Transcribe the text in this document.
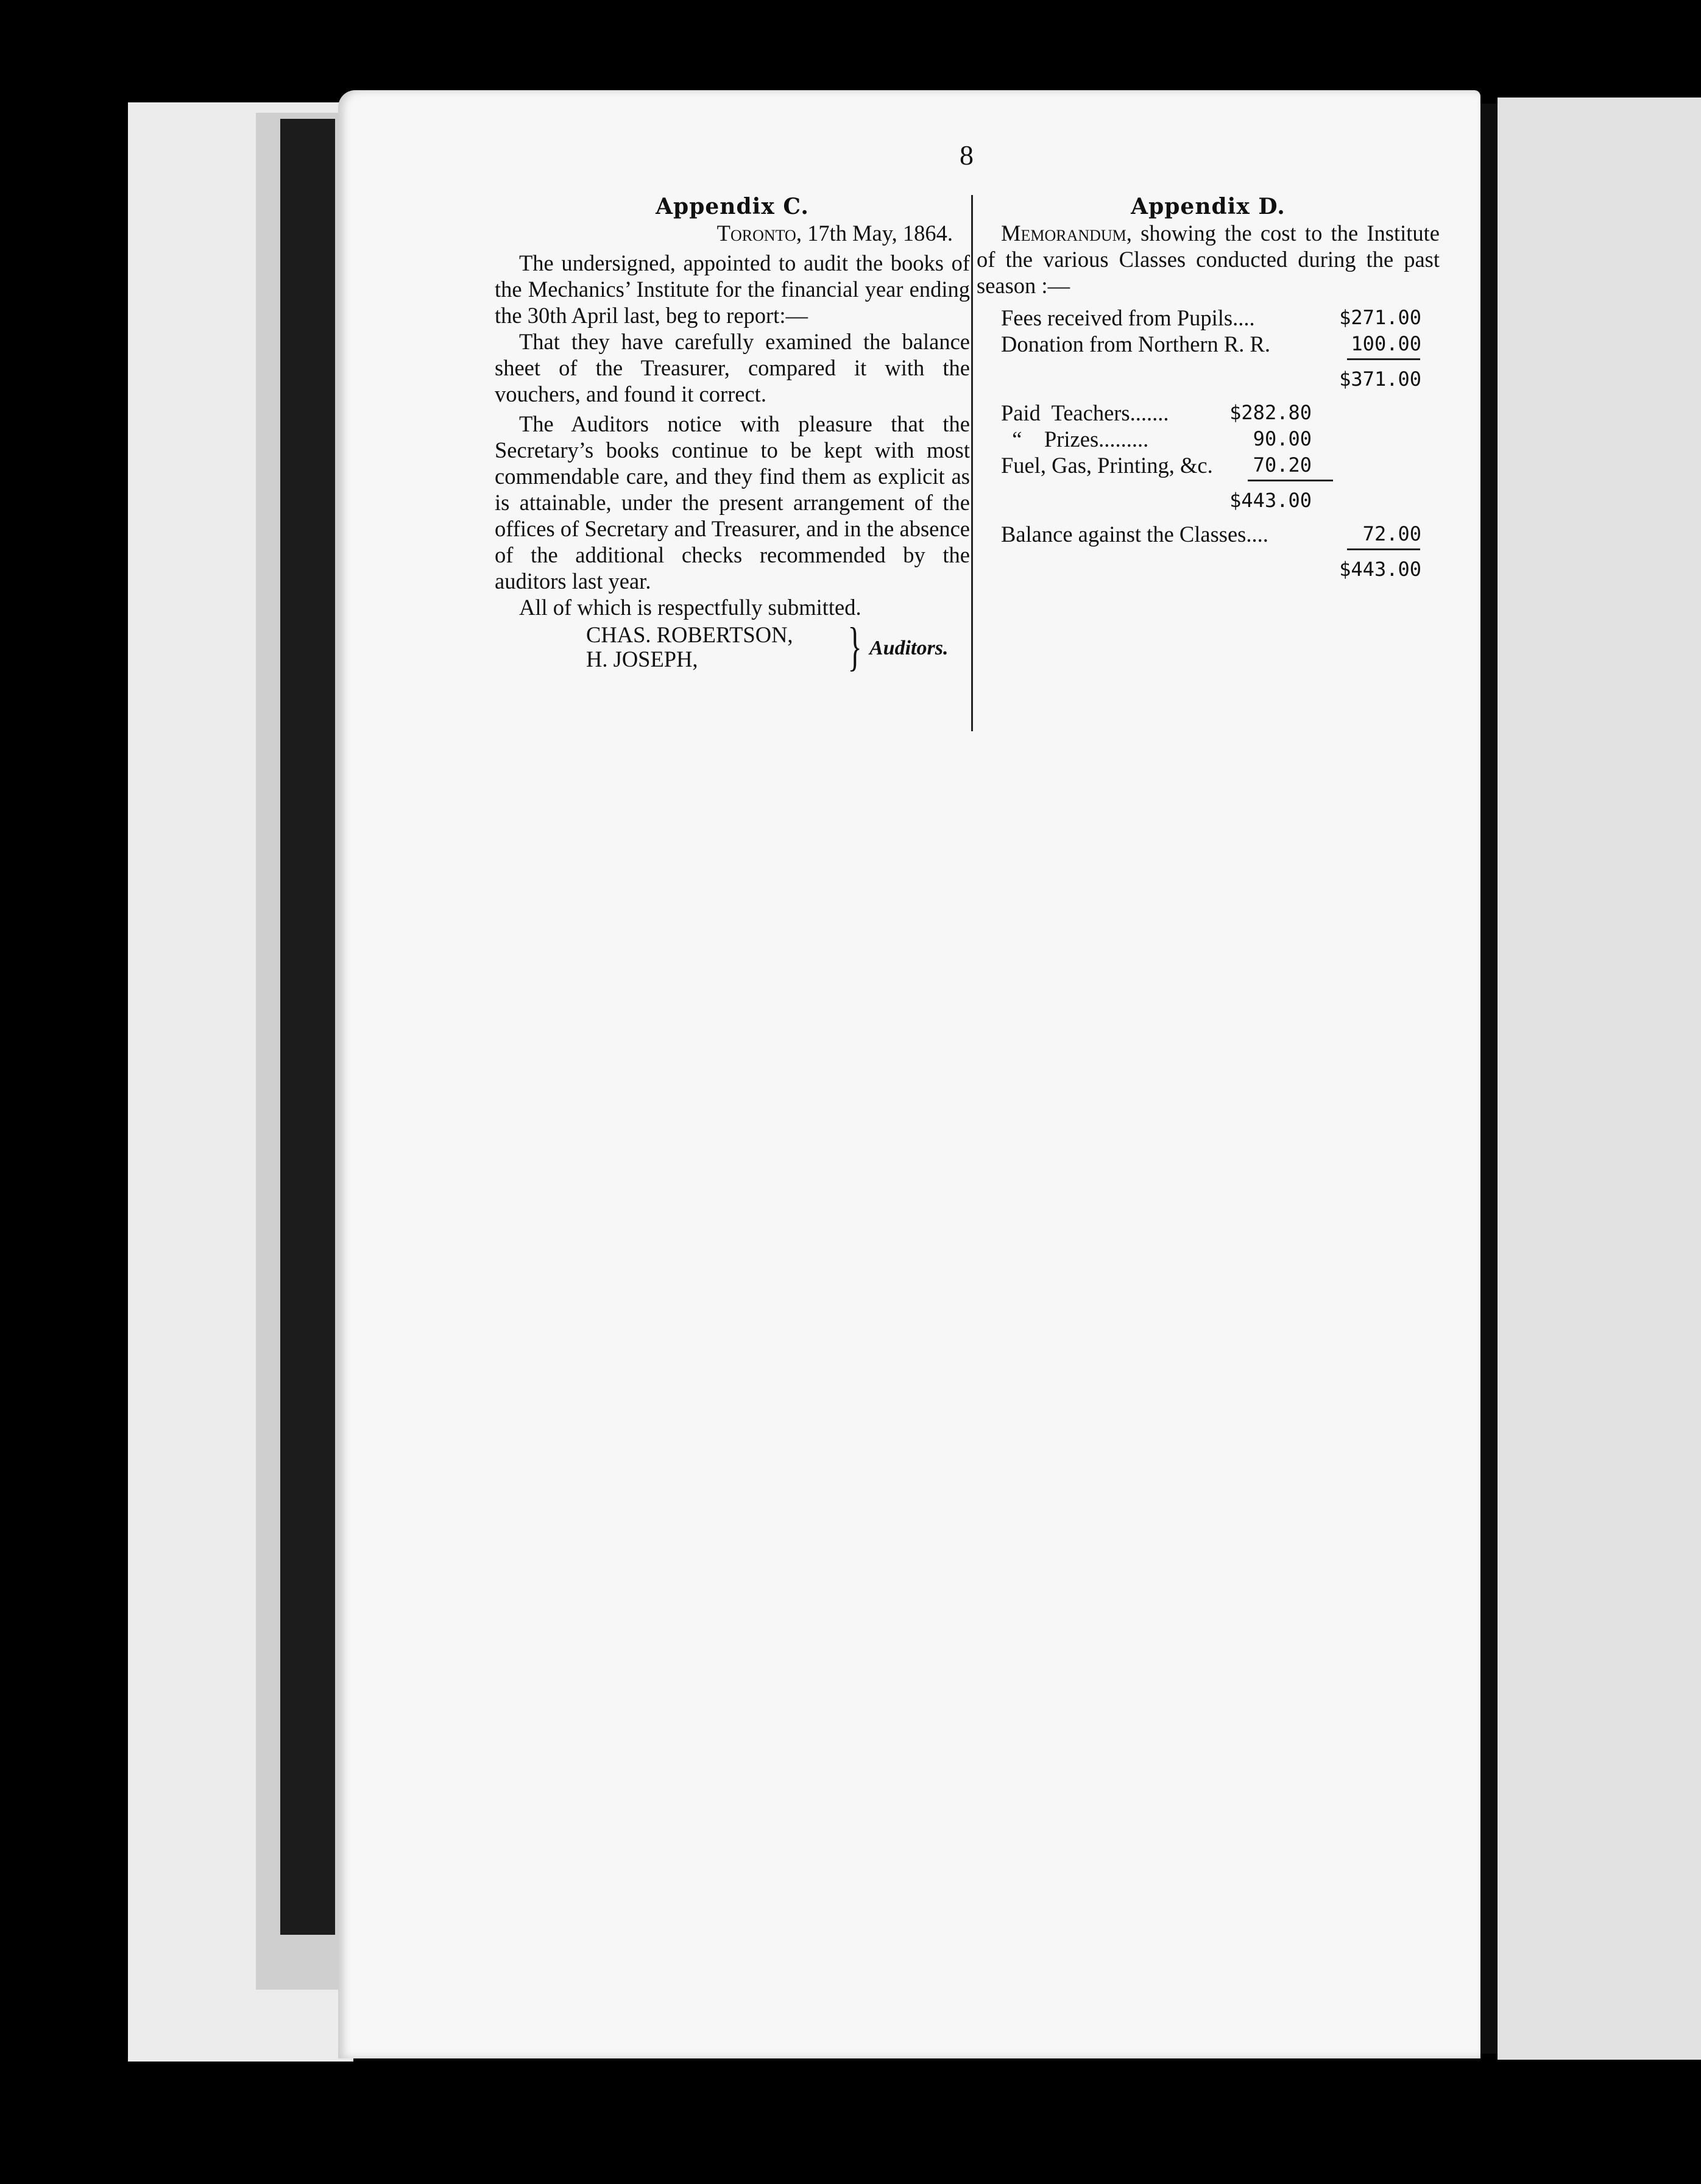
8
Appendix C.
Toronto, 17th May, 1864.
The undersigned, appointed to audit the books of the Mechanics’ Institute for the financial year ending the 30th April last, beg to report:—
That they have carefully examined the balance sheet of the Treasurer, compared it with the vouchers, and found it correct.
The Auditors notice with pleasure that the Secretary’s books continue to be kept with most commendable care, and they find them as explicit as is attainable, under the present arrangement of the offices of Secretary and Treasurer, and in the absence of the additional checks recommended by the auditors last year.
All of which is respectfully submitted.
CHAS. ROBERTSON,
H. JOSEPH,	} Auditors.
Appendix D.
Memorandum, showing the cost to the Institute of the various Classes conducted during the past season :—
Fees received from Pupils....	$271.00
Donation from Northern R. R.	100.00
$371.00
Paid  Teachers.......	$282.80
“    Prizes.........	90.00
Fuel, Gas, Printing, &c. 70.20
$443.00
Balance against the Classes....	72.00
$443.00
